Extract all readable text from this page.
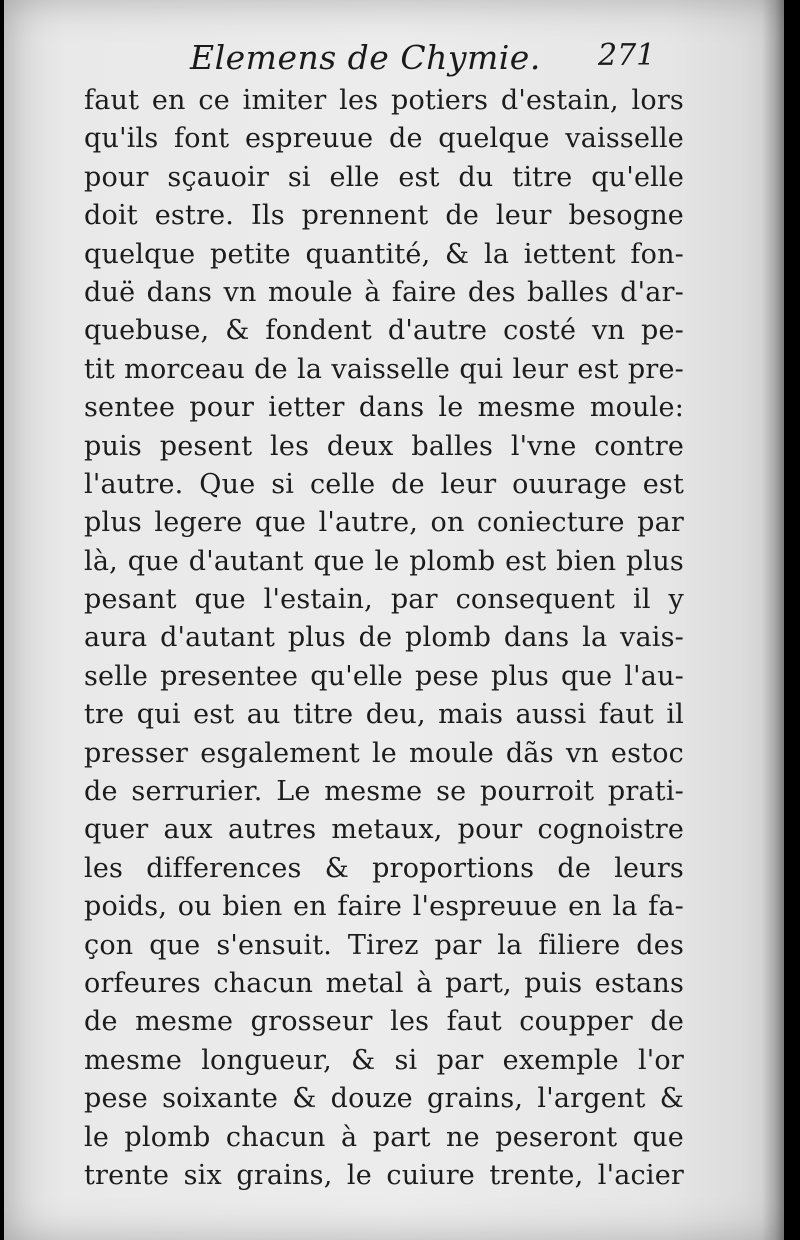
Elemens de Chymie. 271
faut en ce imiter les potiers d'estain, lors
qu'ils font espreuue de quelque vaisselle
pour sçauoir si elle est du titre qu'elle
doit estre. Ils prennent de leur besogne
quelque petite quantité, & la iettent fon-
duë dans vn moule à faire des balles d'ar-
quebuse, & fondent d'autre costé vn pe-
tit morceau de la vaisselle qui leur est pre-
sentee pour ietter dans le mesme moule:
puis pesent les deux balles l'vne contre
l'autre. Que si celle de leur ouurage est
plus legere que l'autre, on coniecture par
là, que d'autant que le plomb est bien plus
pesant que l'estain, par consequent il y
aura d'autant plus de plomb dans la vais-
selle presentee qu'elle pese plus que l'au-
tre qui est au titre deu, mais aussi faut il
presser esgalement le moule dãs vn estoc
de serrurier. Le mesme se pourroit prati-
quer aux autres metaux, pour cognoistre
les differences & proportions de leurs
poids, ou bien en faire l'espreuue en la fa-
çon que s'ensuit. Tirez par la filiere des
orfeures chacun metal à part, puis estans
de mesme grosseur les faut coupper de
mesme longueur, & si par exemple l'or
pese soixante & douze grains, l'argent &
le plomb chacun à part ne peseront que
trente six grains, le cuiure trente, l'acier
